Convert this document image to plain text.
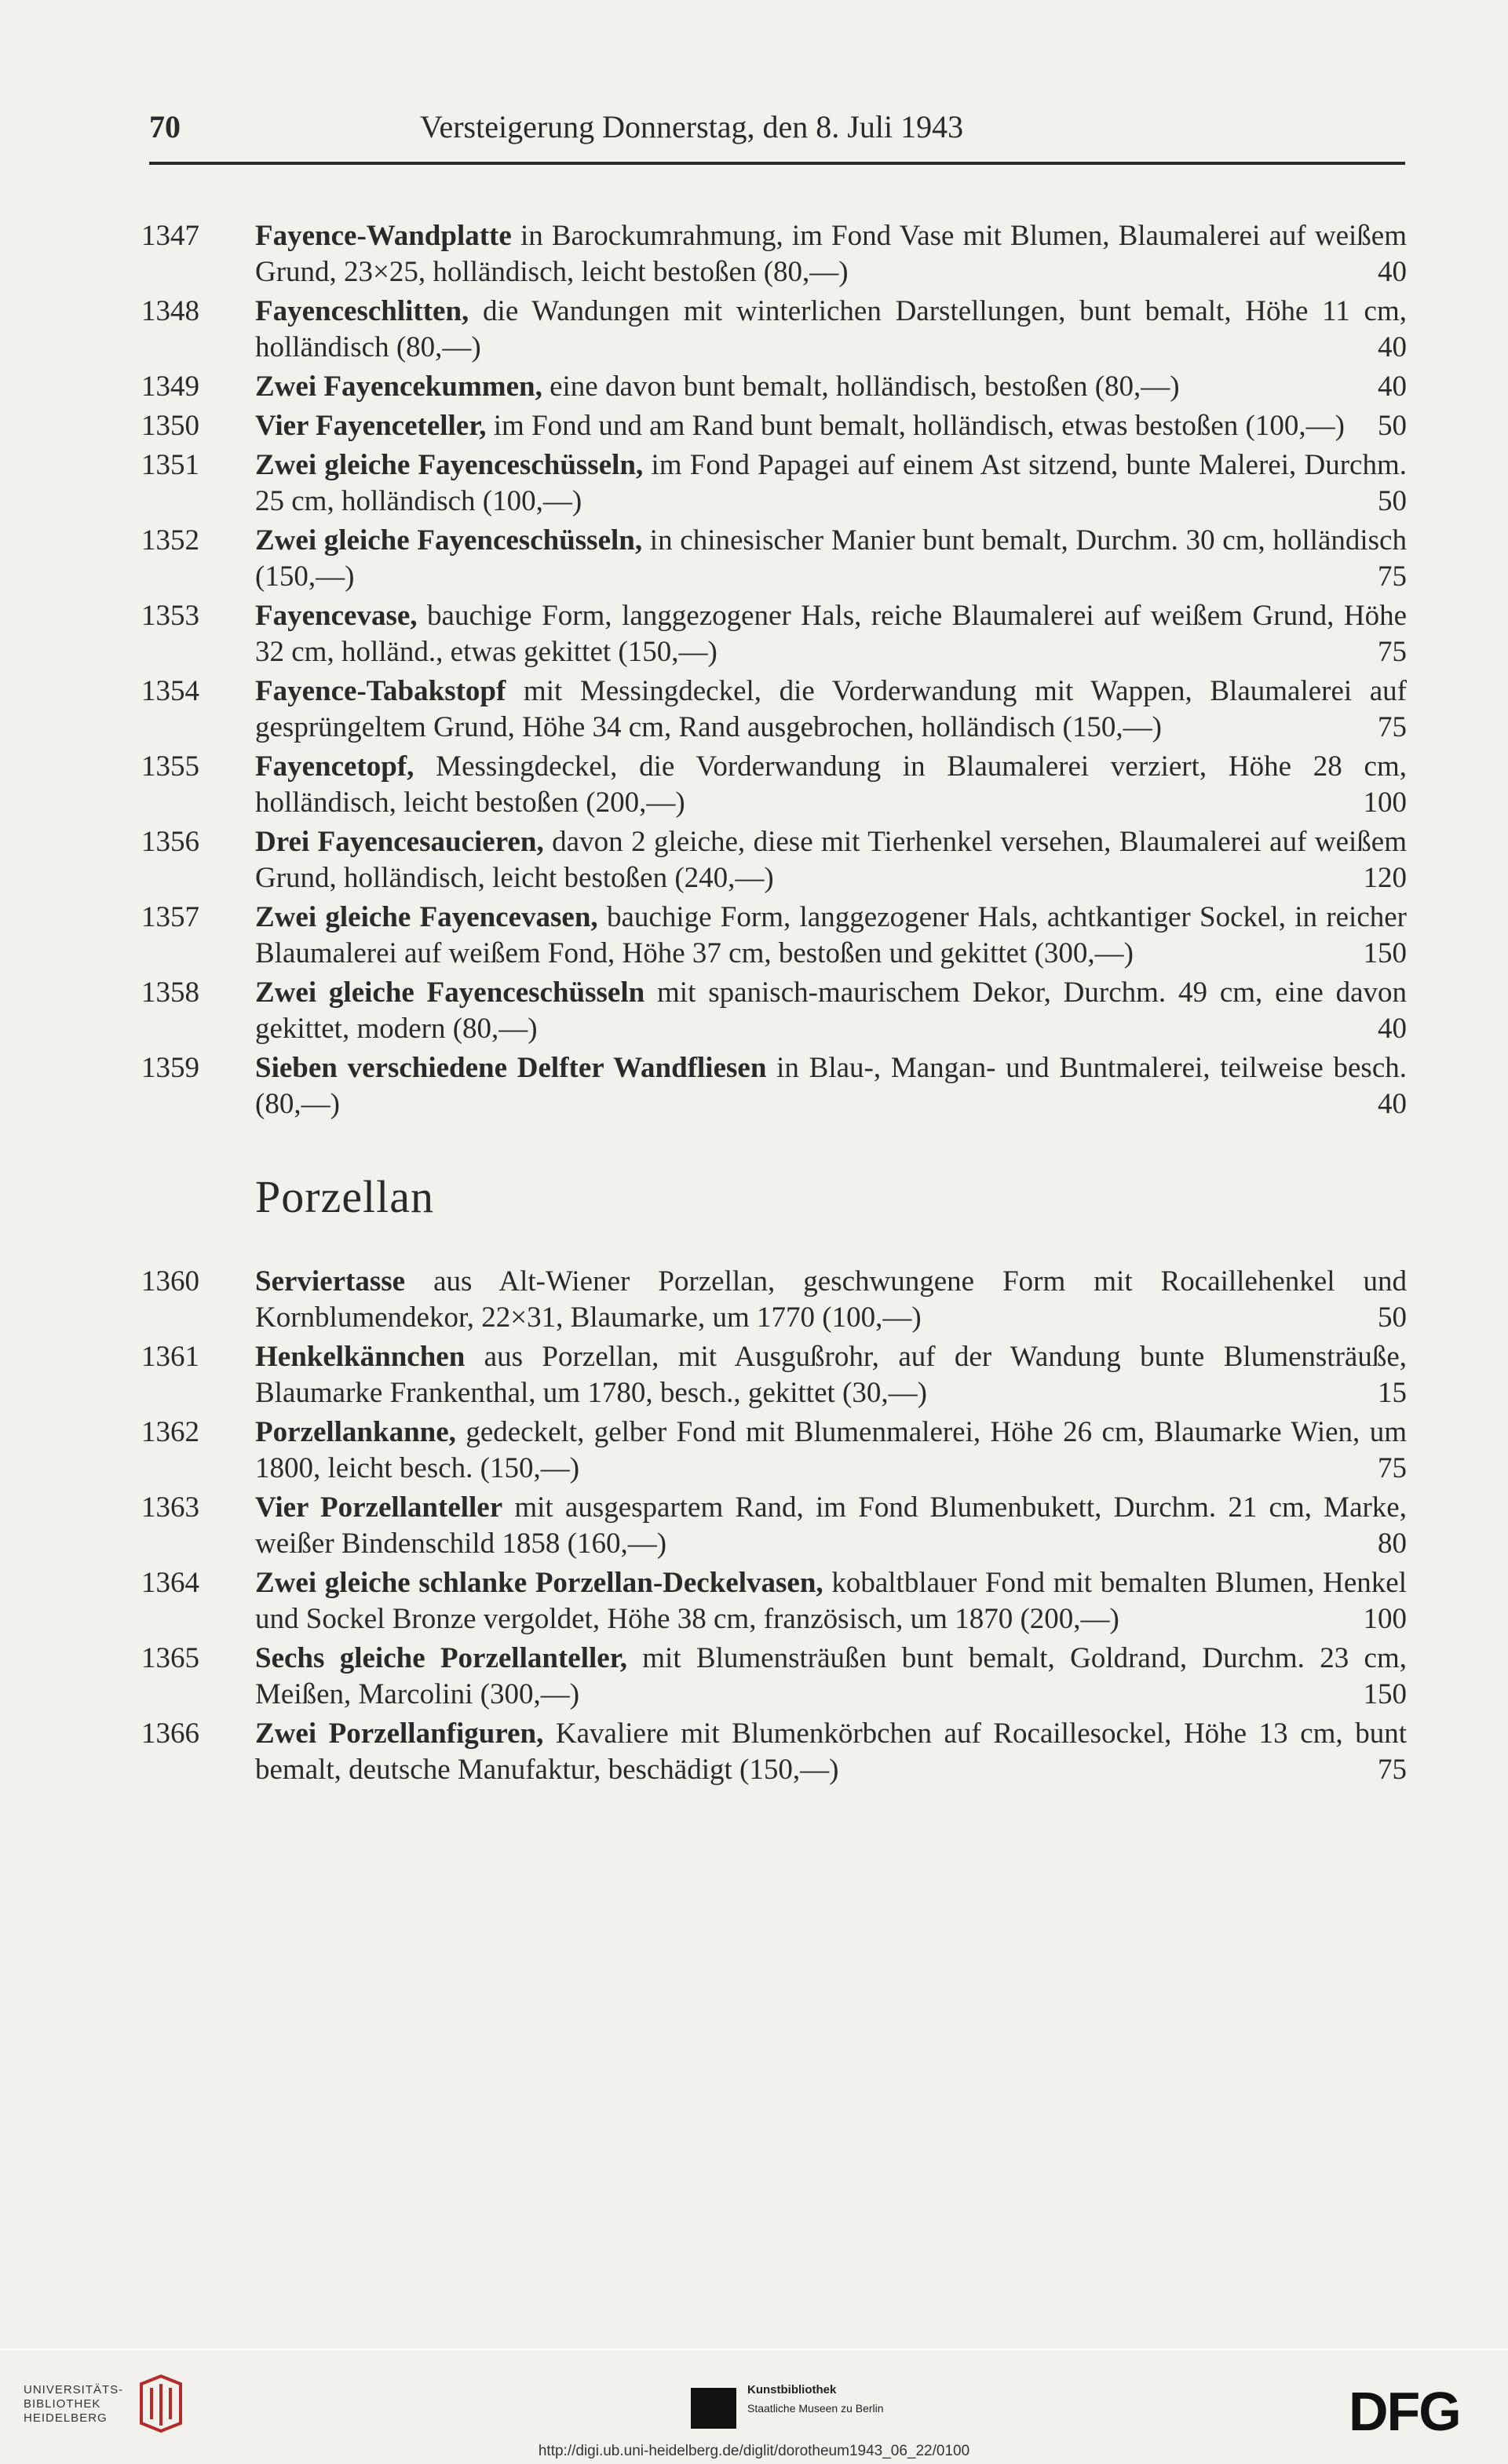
70	Versteigerung Donnerstag, den 8. Juli 1943
1347	Fayence-Wandplatte in Barockumrahmung, im Fond Vase mit Blumen, Blaumalerei auf weißem Grund, 23×25, holländisch, leicht bestoßen (80,—)	40
1348	Fayenceschlitten, die Wandungen mit winterlichen Darstellungen, bunt bemalt, Höhe 11 cm, holländisch (80,—)	40
1349	Zwei Fayencekummen, eine davon bunt bemalt, holländisch, bestoßen (80,—)	40
1350	Vier Fayenceteller, im Fond und am Rand bunt bemalt, holländisch, etwas bestoßen (100,—) 50
1351	Zwei gleiche Fayenceschüsseln, im Fond Papagei auf einem Ast sitzend, bunte Malerei, Durchm. 25 cm, holländisch (100,—)	50
1352	Zwei gleiche Fayenceschüsseln, in chinesischer Manier bunt bemalt, Durchm. 30 cm, holländisch (150,—)	75
1353	Fayencevase, bauchige Form, langgezogener Hals, reiche Blaumalerei auf weißem Grund, Höhe 32 cm, holländ., etwas gekittet (150,—)	75
1354	Fayence-Tabakstopf mit Messingdeckel, die Vorderwandung mit Wappen, Blaumalerei auf gesprüngeltem Grund, Höhe 34 cm, Rand ausgebrochen, holländisch (150,—)	75
1355	Fayencetopf, Messingdeckel, die Vorderwandung in Blaumalerei verziert, Höhe 28 cm, holländisch, leicht bestoßen (200,—)	100
1356	Drei Fayencesaucieren, davon 2 gleiche, diese mit Tierhenkel versehen, Blaumalerei auf weißem Grund, holländisch, leicht bestoßen (240,—)	120
1357	Zwei gleiche Fayencevasen, bauchige Form, langgezogener Hals, achtkantiger Sockel, in reicher Blaumalerei auf weißem Fond, Höhe 37 cm, bestoßen und gekittet (300,—)	150
1358	Zwei gleiche Fayenceschüsseln mit spanisch-maurischem Dekor, Durchm. 49 cm, eine davon gekittet, modern (80,—)	40
1359	Sieben verschiedene Delfter Wandfliesen in Blau-, Mangan- und Buntmalerei, teilweise besch. (80,—)	40
Porzellan
1360	Serviertasse aus Alt-Wiener Porzellan, geschwungene Form mit Rocaillehenkel und Kornblumendekor, 22×31, Blaumarke, um 1770 (100,—)	50
1361	Henkelkännchen aus Porzellan, mit Ausgußrohr, auf der Wandung bunte Blumensträuße, Blaumarke Frankenthal, um 1780, besch., gekittet (30,—)	15
1362	Porzellankanne, gedeckelt, gelber Fond mit Blumenmalerei, Höhe 26 cm, Blaumarke Wien, um 1800, leicht besch. (150,—)	75
1363	Vier Porzellanteller mit ausgespartem Rand, im Fond Blumenbukett, Durchm. 21 cm, Marke, weißer Bindenschild 1858 (160,—)	80
1364	Zwei gleiche schlanke Porzellan-Deckelvasen, kobaltblauer Fond mit bemalten Blumen, Henkel und Sockel Bronze vergoldet, Höhe 38 cm, französisch, um 1870 (200,—)	100
1365	Sechs gleiche Porzellanteller, mit Blumensträußen bunt bemalt, Goldrand, Durchm. 23 cm, Meißen, Marcolini (300,—)	150
1366	Zwei Porzellanfiguren, Kavaliere mit Blumenkörbchen auf Rocaillesockel, Höhe 13 cm, bunt bemalt, deutsche Manufaktur, beschädigt (150,—)	75
UNIVERSITÄTS-
BIBLIOTHEK
HEIDELBERG
Kunstbibliothek
Staatliche Museen zu Berlin	DFG
http://digi.ub.uni-heidelberg.de/diglit/dorotheum1943_06_22/0100
